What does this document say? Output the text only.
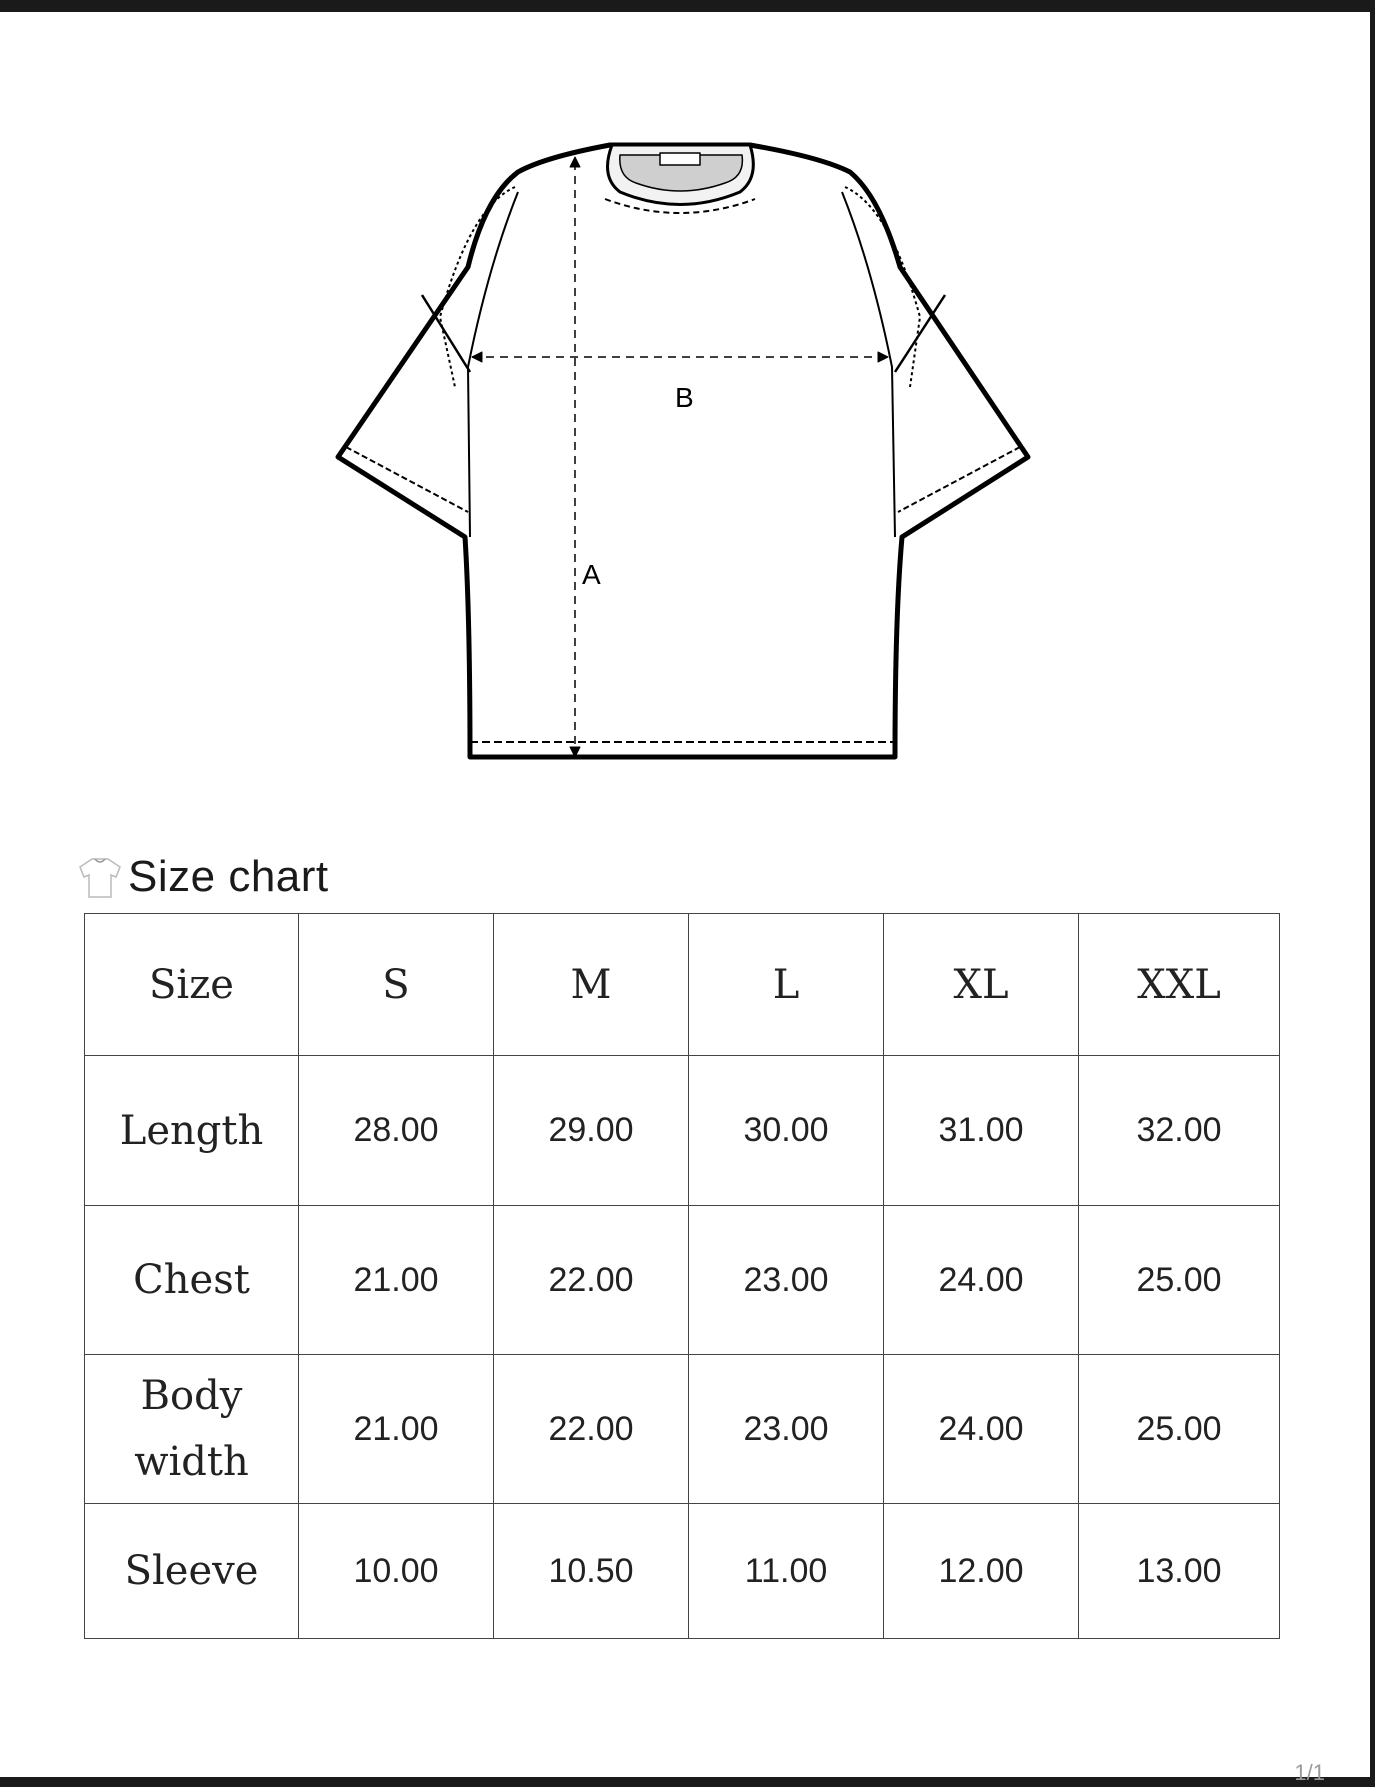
B
A
Size chart
Size	S	M	L	XL	XXL
Length	28.00	29.00	30.00	31.00	32.00
Chest	21.00	22.00	23.00	24.00	25.00

Body
width	21.00	22.00	23.00	24.00	25.00
Sleeve	10.00	10.50	11.00	12.00	13.00
1/1
